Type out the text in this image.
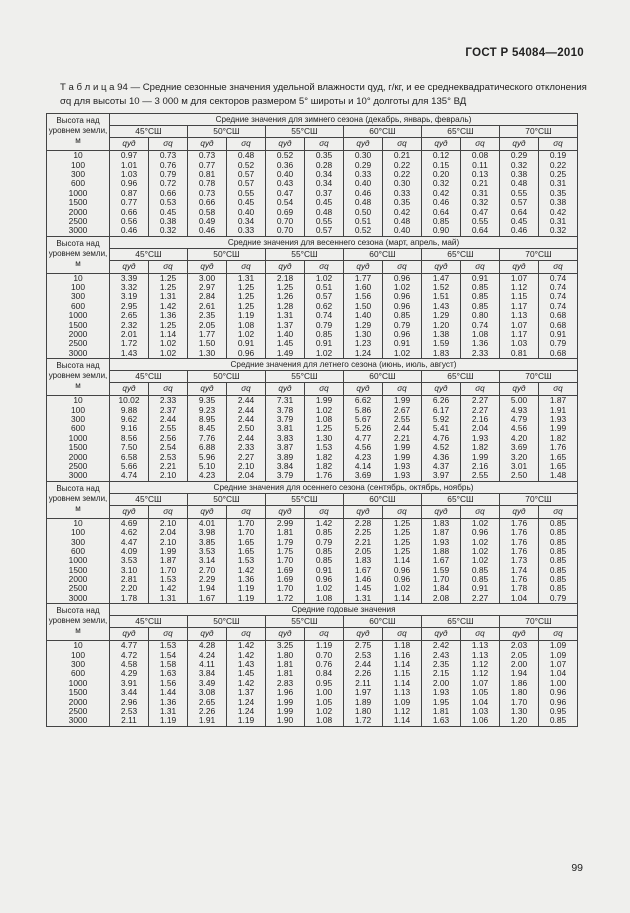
ГОСТ Р 54084—2010
Т а б л и ц а 94 — Средние сезонные значения удельной влажности qуд, г/кг, и ее среднеквадратического отклонения σq для высоты 10 — 3 000 м для секторов размером 5° широты и 10° долготы для 135° ВД
Высота над уровнем земли, м	Средние значения для зимнего сезона (декабрь, январь, февраль)											
	45°СШ		50°СШ		55°СШ		60°СШ		65°СШ		70°СШ	
	qуд	σq	qуд	σq	qуд	σq	qуд	σq	qуд	σq	qуд	σq
10	0.97	0.73	0.73	0.48	0.52	0.35	0.30	0.21	0.12	0.08	0.29	0.19
100	1.01	0.76	0.77	0.52	0.36	0.28	0.29	0.22	0.15	0.11	0.32	0.22
300	1.03	0.79	0.81	0.57	0.40	0.34	0.33	0.22	0.20	0.13	0.38	0.25
600	0.96	0.72	0.78	0.57	0.43	0.34	0.40	0.30	0.32	0.21	0.48	0.31
1000	0.87	0.66	0.73	0.55	0.47	0.37	0.46	0.33	0.42	0.31	0.55	0.35
1500	0.77	0.53	0.66	0.45	0.54	0.45	0.48	0.35	0.46	0.32	0.57	0.38
2000	0.66	0.45	0.58	0.40	0.69	0.48	0.50	0.42	0.64	0.47	0.64	0.42
2500	0.56	0.38	0.49	0.34	0.70	0.55	0.51	0.48	0.85	0.55	0.45	0.31
3000	0.46	0.32	0.46	0.33	0.70	0.57	0.52	0.40	0.90	0.64	0.46	0.32
Высота над уровнем земли, м	Средние значения для весеннего сезона (март, апрель, май)											
	45°СШ		50°СШ		55°СШ		60°СШ		65°СШ		70°СШ	
	qуд	σq	qуд	σq	qуд	σq	qуд	σq	qуд	σq	qуд	σq
10	3.39	1.25	3.00	1.31	2.18	1.02	1.77	0.96	1.47	0.91	1.07	0.74
100	3.32	1.25	2.97	1.25	1.25	0.51	1.60	1.02	1.52	0.85	1.12	0.74
300	3.19	1.31	2.84	1.25	1.26	0.57	1.56	0.96	1.51	0.85	1.15	0.74
600	2.95	1.42	2.61	1.25	1.28	0.62	1.50	0.96	1.43	0.85	1.17	0.74
1000	2.65	1.36	2.35	1.19	1.31	0.74	1.40	0.85	1.29	0.80	1.13	0.68
1500	2.32	1.25	2.05	1.08	1.37	0.79	1.29	0.79	1.20	0.74	1.07	0.68
2000	2.01	1.14	1.77	1.02	1.40	0.85	1.30	0.96	1.38	1.08	1.17	0.91
2500	1.72	1.02	1.50	0.91	1.45	0.91	1.23	0.91	1.59	1.36	1.03	0.79
3000	1.43	1.02	1.30	0.96	1.49	1.02	1.24	1.02	1.83	2.33	0.81	0.68
Высота над уровнем земли, м	Средние значения для летнего сезона (июнь, июль, август)											
	45°СШ		50°СШ		55°СШ		60°СШ		65°СШ		70°СШ	
	qуд	σq	qуд	σq	qуд	σq	qуд	σq	qуд	σq	qуд	σq
10	10.02	2.33	9.35	2.44	7.31	1.99	6.62	1.99	6.26	2.27	5.00	1.87
100	9.88	2.37	9.23	2.44	3.78	1.02	5.86	2.67	6.17	2.27	4.93	1.91
300	9.62	2.44	8.95	2.44	3.79	1.08	5.67	2.55	5.92	2.16	4.79	1.93
600	9.16	2.55	8.45	2.50	3.81	1.25	5.26	2.44	5.41	2.04	4.56	1.99
1000	8.56	2.56	7.76	2.44	3.83	1.30	4.77	2.21	4.76	1.93	4.20	1.82
1500	7.50	2.54	6.88	2.33	3.87	1.53	4.56	1.99	4.52	1.82	3.69	1.76
2000	6.58	2.53	5.96	2.27	3.89	1.82	4.23	1.99	4.36	1.99	3.20	1.65
2500	5.66	2.21	5.10	2.10	3.84	1.82	4.14	1.93	4.37	2.16	3.01	1.65
3000	4.74	2.10	4.23	2.04	3.79	1.76	3.69	1.93	3.97	2.55	2.50	1.48
Высота над уровнем земли, м	Средние значения для осеннего сезона (сентябрь, октябрь, ноябрь)											
	45°СШ		50°СШ		55°СШ		60°СШ		65°СШ		70°СШ	
	qуд	σq	qуд	σq	qуд	σq	qуд	σq	qуд	σq	qуд	σq
10	4.69	2.10	4.01	1.70	2.99	1.42	2.28	1.25	1.83	1.02	1.76	0.85
100	4.62	2.04	3.98	1.70	1.81	0.85	2.25	1.25	1.87	0.96	1.76	0.85
300	4.47	2.10	3.85	1.65	1.79	0.79	2.21	1.25	1.93	1.02	1.76	0.85
600	4.09	1.99	3.53	1.65	1.75	0.85	2.05	1.25	1.88	1.02	1.76	0.85
1000	3.53	1.87	3.14	1.53	1.70	0.85	1.83	1.14	1.67	1.02	1.73	0.85
1500	3.10	1.70	2.70	1.42	1.69	0.91	1.67	0.96	1.59	0.85	1.74	0.85
2000	2.81	1.53	2.29	1.36	1.69	0.96	1.46	0.96	1.70	0.85	1.76	0.85
2500	2.20	1.42	1.94	1.19	1.70	1.02	1.45	1.02	1.84	0.91	1.78	0.85
3000	1.78	1.31	1.67	1.19	1.72	1.08	1.31	1.14	2.08	2.27	1.04	0.79
Высота над уровнем земли, м	Средние годовые значения											
	45°СШ		50°СШ		55°СШ		60°СШ		65°СШ		70°СШ	
	qуд	σq	qуд	σq	qуд	σq	qуд	σq	qуд	σq	qуд	σq
10	4.77	1.53	4.28	1.42	3.25	1.19	2.75	1.18	2.42	1.13	2.03	1.09
100	4.72	1.54	4.24	1.42	1.80	0.70	2.53	1.16	2.43	1.13	2.05	1.09
300	4.58	1.58	4.11	1.43	1.81	0.76	2.44	1.14	2.35	1.12	2.00	1.07
600	4.29	1.63	3.84	1.45	1.81	0.84	2.26	1.15	2.15	1.12	1.94	1.04
1000	3.91	1.56	3.49	1.42	2.83	0.95	2.11	1.14	2.00	1.07	1.86	1.00
1500	3.44	1.44	3.08	1.37	1.96	1.00	1.97	1.13	1.93	1.05	1.80	0.96
2000	2.96	1.36	2.65	1.24	1.99	1.05	1.89	1.09	1.95	1.04	1.70	0.96
2500	2.53	1.31	2.26	1.24	1.99	1.02	1.80	1.12	1.81	1.03	1.30	0.95
3000	2.11	1.19	1.91	1.19	1.90	1.08	1.72	1.14	1.63	1.06	1.20	0.85
99
